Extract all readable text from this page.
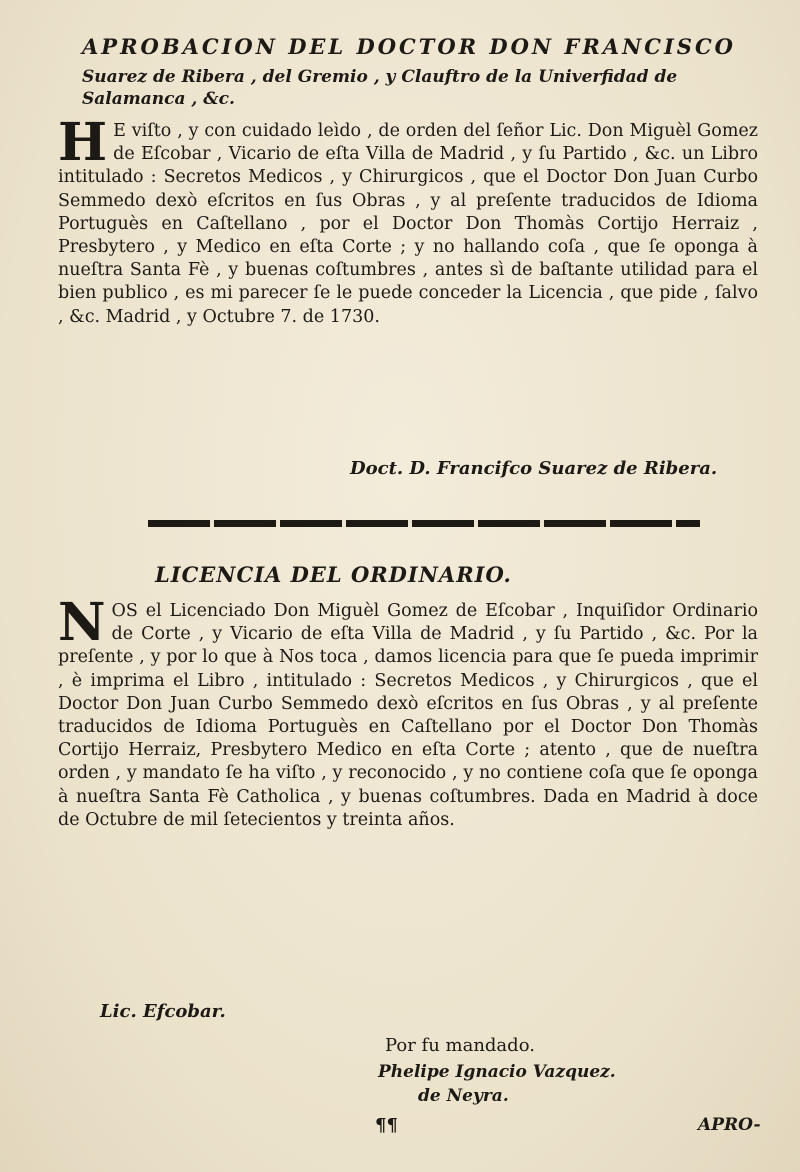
APROBACION DEL DOCTOR DON FRANCISCO
Suarez de Ribera , del Gremio , y Clauftro de la Univerfidad de Salamanca , &c.
H E viſto , y con cuidado leìdo , de orden del ſeñor Lic. Don Miguèl Gomez de Eſcobar , Vicario de eſta Villa de Madrid , y ſu Partido , &c. un Libro intitulado : Secretos Medicos , y Chirurgicos , que el Doctor Don Juan Curbo Semmedo dexò eſcritos en ſus Obras , y al preſente traducidos de Idioma Portuguès en Caſtellano , por el Doctor Don Thomàs Cortijo Herraiz , Presbytero , y Medico en eſta Corte ; y no hallando coſa , que ſe oponga à nueſtra Santa Fè , y buenas coſtumbres , antes sì de baſtante utilidad para el bien publico , es mi parecer ſe le puede conceder la Licencia , que pide , ſalvo , &c. Madrid , y Octubre 7. de 1730.
Doct. D. Francifco Suarez de Ribera.
LICENCIA DEL ORDINARIO.
N OS el Licenciado Don Miguèl Gomez de Eſcobar , Inquiſidor Ordinario de Corte , y Vicario de eſta Villa de Madrid , y ſu Partido , &c. Por la preſente , y por lo que à Nos toca , damos licencia para que ſe pueda imprimir , è imprima el Libro , intitulado : Secretos Medicos , y Chirurgicos , que el Doctor Don Juan Curbo Semmedo dexò eſcritos en ſus Obras , y al preſente traducidos de Idioma Portuguès en Caſtellano por el Doctor Don Thomàs Cortijo Herraiz, Presbytero Medico en eſta Corte ; atento , que de nueſtra orden , y mandato ſe ha viſto , y reconocido , y no contiene coſa que ſe oponga à nueſtra Santa Fè Catholica , y buenas coſtumbres. Dada en Madrid à doce de Octubre de mil ſetecientos y treinta años.
Lic. Efcobar.
Por fu mandado.
Phelipe Ignacio Vazquez.
de Neyra.
¶¶	APRO-
